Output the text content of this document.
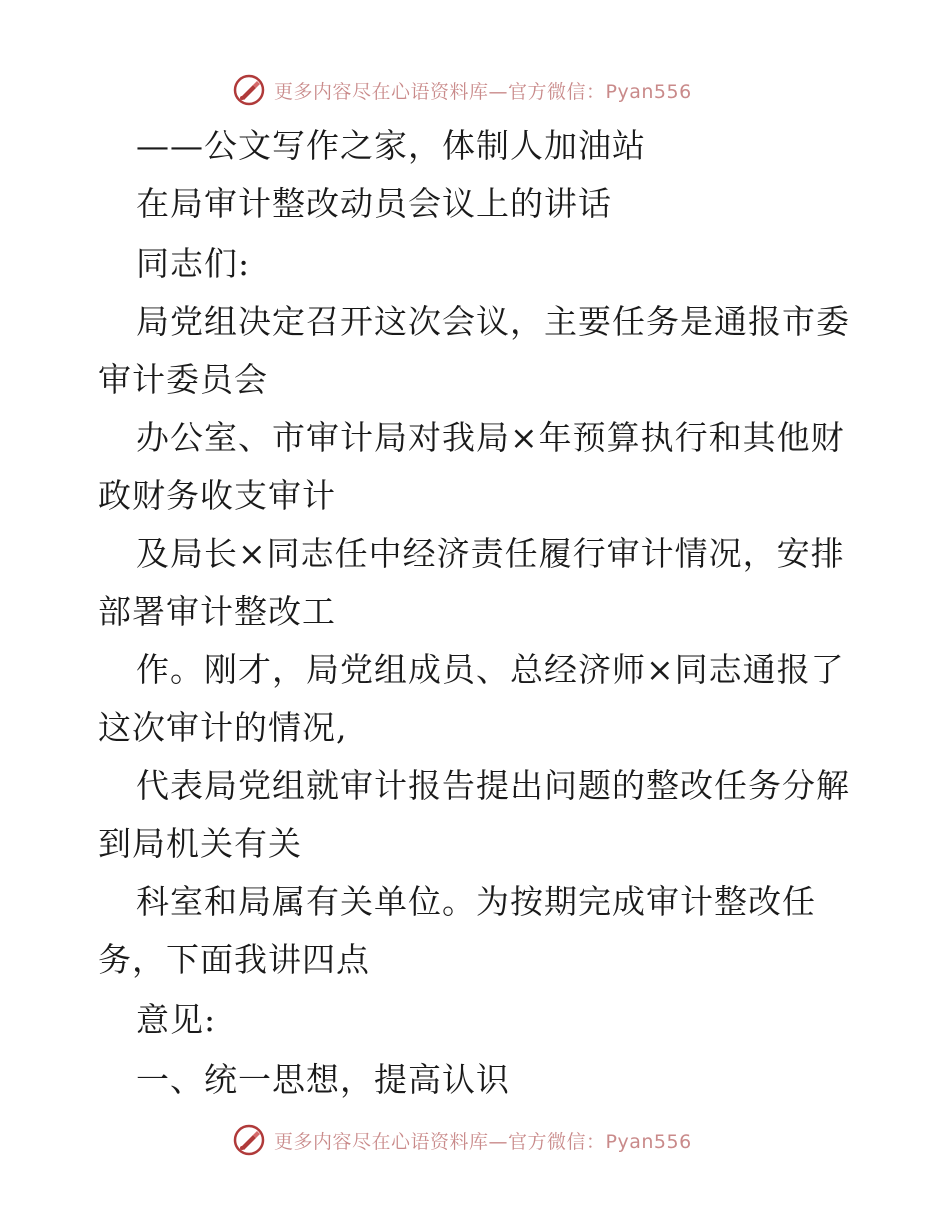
更多内容尽在心语资料库—官方微信：Pyan556
——公文写作之家，体制人加油站
在局审计整改动员会议上的讲话
同志们:
局党组决定召开这次会议，主要任务是通报市委
审计委员会
办公室、市审计局对我局×年预算执行和其他财
政财务收支审计
及局长×同志任中经济责任履行审计情况，安排
部署审计整改工
作。刚才，局党组成员、总经济师×同志通报了
这次审计的情况,
代表局党组就审计报告提出问题的整改任务分解
到局机关有关
科室和局属有关单位。为按期完成审计整改任
务，下面我讲四点
意见:
一、统一思想，提高认识
更多内容尽在心语资料库—官方微信：Pyan556
